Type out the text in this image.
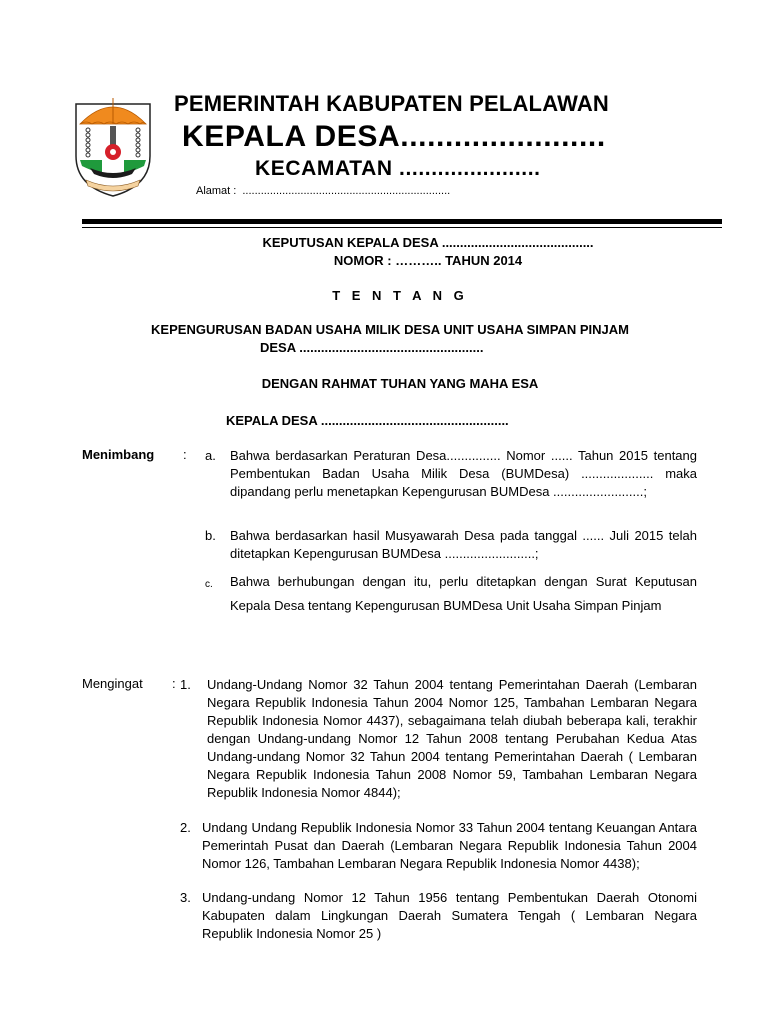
PEMERINTAH KABUPATEN PELALAWAN
KEPALA DESA.......................
KECAMATAN ......................
Alamat : ....................................................................
KEPUTUSAN KEPALA DESA ..........................................
NOMOR : ……….. TAHUN 2014
T E N T A N G
KEPENGURUSAN BADAN USAHA MILIK DESA UNIT USAHA SIMPAN PINJAM
DESA ...................................................
DENGAN RAHMAT TUHAN YANG MAHA ESA
KEPALA DESA ....................................................
Menimbang : a. Bahwa berdasarkan Peraturan Desa............... Nomor ...... Tahun 2015 tentang Pembentukan Badan Usaha Milik Desa (BUMDesa) .................... maka dipandang perlu menetapkan Kepengurusan BUMDesa .........................;
b. Bahwa berdasarkan hasil Musyawarah Desa pada tanggal ...... Juli 2015 telah ditetapkan Kepengurusan BUMDesa .........................;
c. Bahwa berhubungan dengan itu, perlu ditetapkan dengan Surat Keputusan Kepala Desa tentang Kepengurusan BUMDesa Unit Usaha Simpan Pinjam
Mengingat : 1. Undang-Undang Nomor 32 Tahun 2004 tentang Pemerintahan Daerah (Lembaran Negara Republik Indonesia Tahun 2004 Nomor 125, Tambahan Lembaran Negara Republik Indonesia Nomor 4437), sebagaimana telah diubah beberapa kali, terakhir dengan Undang-undang Nomor 12 Tahun 2008 tentang Perubahan Kedua Atas Undang-undang Nomor 32 Tahun 2004 tentang Pemerintahan Daerah ( Lembaran Negara Republik Indonesia Tahun 2008 Nomor 59, Tambahan Lembaran Negara Republik Indonesia Nomor 4844);
2. Undang Undang Republik Indonesia Nomor 33 Tahun 2004 tentang Keuangan Antara Pemerintah Pusat dan Daerah (Lembaran Negara Republik Indonesia Tahun 2004 Nomor 126, Tambahan Lembaran Negara Republik Indonesia Nomor 4438);
3. Undang-undang Nomor 12 Tahun 1956 tentang Pembentukan Daerah Otonomi Kabupaten dalam Lingkungan Daerah Sumatera Tengah ( Lembaran Negara Republik Indonesia Nomor 25 )
